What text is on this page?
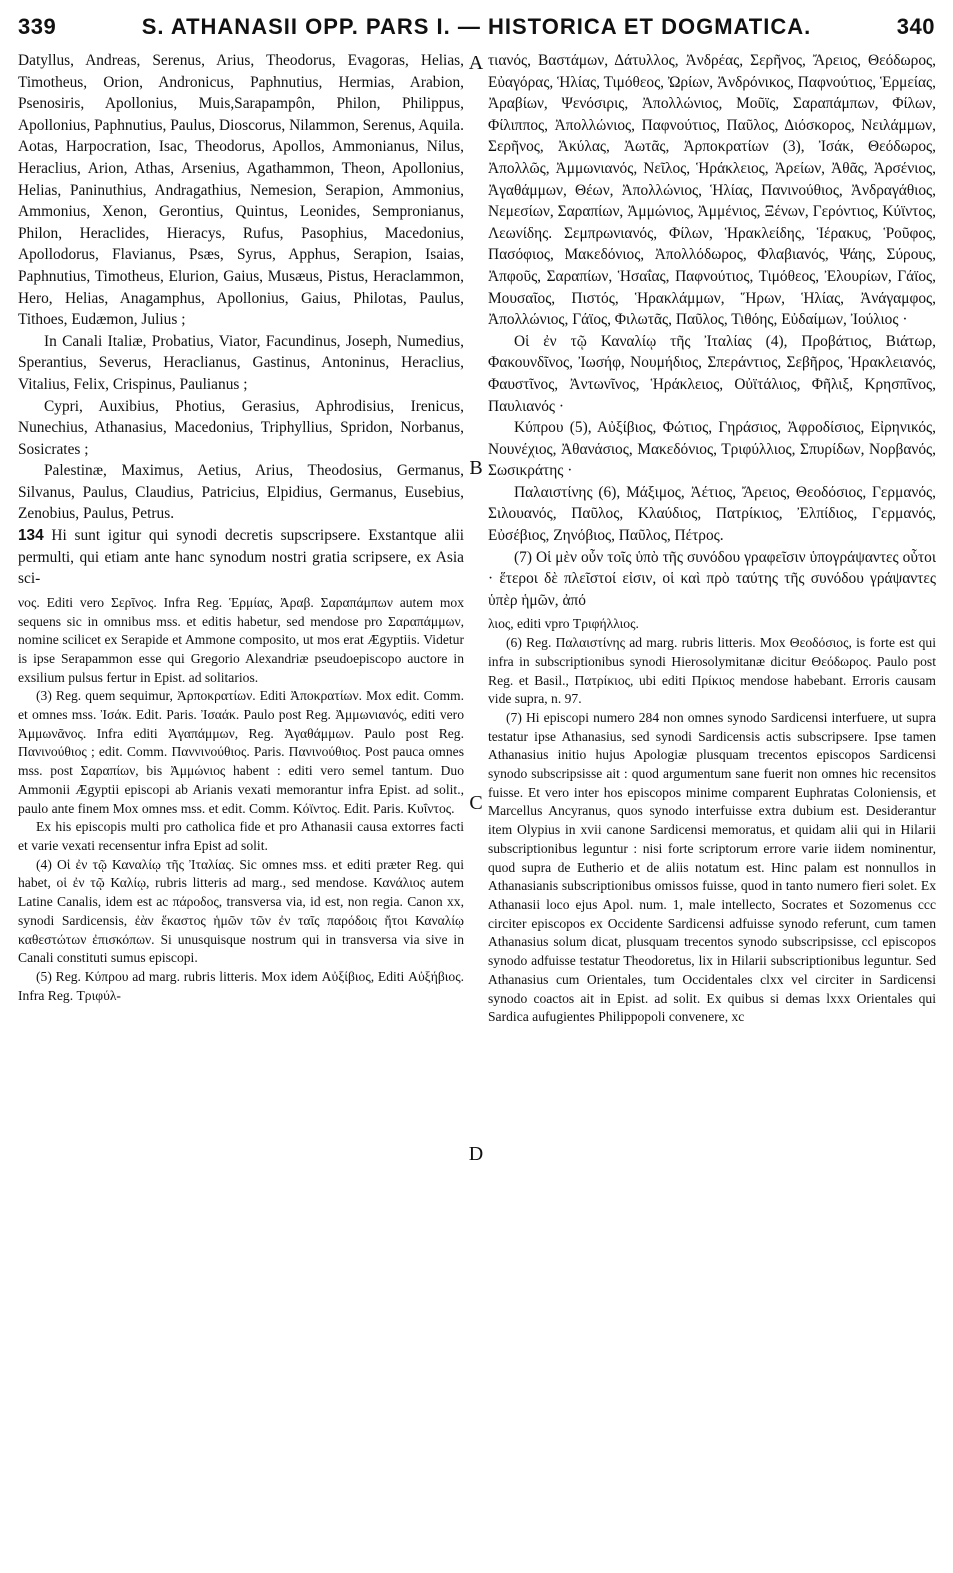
339	S. ATHANASII OPP. PARS I. — HISTORICA ET DOGMATICA.	340
A
B
C
D

Datyllus, Andreas, Serenus, Arius, Theodorus, Evagoras, Helias, Timotheus, Orion, Andronicus, Paphnutius, Hermias, Arabion, Psenosiris, Apollonius, Muis,Sarapampôn, Philon, Philippus, Apollonius, Paphnutius, Paulus, Dioscorus, Nilammon, Serenus, Aquila. Aotas, Harpocration, Isac, Theodorus, Apollos, Ammonianus, Nilus, Heraclius, Arion, Athas, Arsenius, Agathammon, Theon, Apollonius, Helias, Paninuthius, Andragathius, Nemesion, Serapion, Ammonius, Ammonius, Xenon, Gerontius, Quintus, Leonides, Sempronianus, Philon, Heraclides, Hieracys, Rufus, Pasophius, Macedonius, Apollodorus, Flavianus, Psæs, Syrus, Apphus, Serapion, Isaias, Paphnutius, Timotheus, Elurion, Gaius, Musæus, Pistus, Heraclammon, Hero, Helias, Anagamphus, Apollonius, Gaius, Philotas, Paulus, Tithoes, Eudæmon, Julius ;

In Canali Italiæ, Probatius, Viator, Facundinus, Joseph, Numedius, Sperantius, Severus, Heraclianus, Gastinus, Antoninus, Heraclius, Vitalius, Felix, Crispinus, Paulianus ;

Cypri, Auxibius, Photius, Gerasius, Aphrodisius, Irenicus, Nunechius, Athanasius, Macedonius, Triphyllius, Spridon, Norbanus, Sosicrates ;

Palestinæ, Maximus, Aetius, Arius, Theodosius, Germanus, Silvanus, Paulus, Claudius, Patricius, Elpidius, Germanus, Eusebius, Zenobius, Paulus, Petrus.

134 Hi sunt igitur qui synodi decretis supscripsere. Exstantque alii permulti, qui etiam ante hanc synodum nostri gratia scripsere, ex Asia sci-

νος. Editi vero Σερῖνος. Infra Reg. Ἑρμίας, Ἀραβ. Σαραπάμπων autem mox sequens sic in omnibus mss. et editis habetur, sed mendose pro Σαραπάμμων, nomine scilicet ex Serapide et Ammone composito, ut mos erat Ægyptiis. Videtur is ipse Serapammon esse qui Gregorio Alexandriæ pseudoepiscopo auctore in exsilium pulsus fertur in Epist. ad solitarios.

(3) Reg. quem sequimur, Ἀρποκρατίων. Editi Ἀποκρατίων. Mox edit. Comm. et omnes mss. Ἰσάκ. Edit. Paris. Ἰσαάκ. Paulo post Reg. Ἀμμωνιανός, editi vero Ἀμμωνᾶνος. Infra editi Ἀγαπάμμων, Reg. Ἀγαθάμμων. Paulo post Reg. Πανινούθιος ; edit. Comm. Παννινούθιος. Paris. Πανινούθιος. Post pauca omnes mss. post Σαραπίων, bis Ἀμμώνιος habent : editi vero semel tantum. Duo Ammonii Ægyptii episcopi ab Arianis vexati memorantur infra Epist. ad solit., paulo ante finem Mox omnes mss. et edit. Comm. Κόϊντος. Edit. Paris. Κυΐντος.

Ex his episcopis multi pro catholica fide et pro Athanasii causa extorres facti et varie vexati recensentur infra Epist ad solit.

(4) Οἱ ἐν τῷ Καναλίῳ τῆς Ἰταλίας. Sic omnes mss. et editi præter Reg. qui habet, οἱ ἐν τῷ Καλίῳ, rubris litteris ad marg., sed mendose. Κανάλιος autem Latine Canalis, idem est ac πάροδος, transversa via, id est, non regia. Canon xx, synodi Sardicensis, ἐὰν ἕκαστος ἡμῶν τῶν ἐν ταῖς παρόδοις ἤτοι Καναλίῳ καθεστώτων ἐπισκόπων. Si unusquisque nostrum qui in transversa via sive in Canali constituti sumus episcopi.

(5) Reg. Κύπρου ad marg. rubris litteris. Mox idem Αὐξίβιος, Editi Αὐξήβιος. Infra Reg. Τριφύλ-

τιανός, Βαστάμων, Δάτυλλος, Ἀνδρέας, Σερῆνος, Ἄρειος, Θεόδωρος, Εὐαγόρας, Ἡλίας, Τιμόθεος, Ὠρίων, Ἀνδρόνικος, Παφνούτιος, Ἑρμείας, Ἀραβίων, Ψενόσιρις, Ἀπολλώνιος, Μοῦϊς, Σαραπάμπων, Φίλων, Φίλιππος, Ἀπολλώνιος, Παφνούτιος, Παῦλος, Διόσκορος, Νειλάμμων, Σερῆνος, Ἀκύλας, Ἀωτᾶς, Ἀρποκρατίων (3), Ἰσάκ, Θεόδωρος, Ἀπολλῶς, Ἀμμωνιανός, Νεῖλος, Ἡράκλειος, Ἀρείων, Ἀθᾶς, Ἀρσένιος, Ἀγαθάμμων, Θέων, Ἀπολλώνιος, Ἡλίας, Πανινούθιος, Ἀνδραγάθιος, Νεμεσίων, Σαραπίων, Ἀμμώνιος, Ἀμμένιος, Ξένων, Γερόντιος, Κύϊντος, Λεωνίδης. Σεμπρωνιανός, Φίλων, Ἡρακλείδης, Ἱέρακυς, Ῥοῦφος, Πασόφιος, Μακεδόνιος, Ἀπολλόδωρος, Φλαβιανός, Ψάης, Σύρους, Ἀπφοῦς, Σαραπίων, Ἡσαΐας, Παφνούτιος, Τιμόθεος, Ἐλουρίων, Γάϊος, Μουσαῖος, Πιστός, Ἡρακλάμμων, Ἥρων, Ἡλίας, Ἀνάγαμφος, Ἀπολλώνιος, Γάϊος, Φιλωτᾶς, Παῦλος, Τιθόης, Εὐδαίμων, Ἰούλιος ·

Οἱ ἐν τῷ Καναλίῳ τῆς Ἰταλίας (4), Προβάτιος, Βιάτωρ, Φακουνδῖνος, Ἰωσήφ, Νουμήδιος, Σπεράντιος, Σεβῆρος, Ἡρακλειανός, Φαυστῖνος, Ἀντωνῖνος, Ἡράκλειος, Οὐϊτάλιος, Φῆλιξ, Κρησπῖνος, Παυλιανός ·

Κύπρου (5), Αὐξίβιος, Φώτιος, Γηράσιος, Ἀφροδίσιος, Εἰρηνικός, Νουνέχιος, Ἀθανάσιος, Μακεδόνιος, Τριφύλλιος, Σπυρίδων, Νορβανός, Σωσικράτης ·

Παλαιστίνης (6), Μάξιμος, Ἀέτιος, Ἄρειος, Θεοδόσιος, Γερμανός, Σιλουανός, Παῦλος, Κλαύδιος, Πατρίκιος, Ἐλπίδιος, Γερμανός, Εὐσέβιος, Ζηνόβιος, Παῦλος, Πέτρος.

(7) Οἱ μὲν οὖν τοῖς ὑπὸ τῆς συνόδου γραφεῖσιν ὑπογράψαντες οὗτοι · ἕτεροι δὲ πλεῖστοί εἰσιν, οἱ καὶ πρὸ ταύτης τῆς συνόδου γράψαντες ὑπὲρ ἡμῶν, ἀπό

λιος, editi vpro Τριφήλλιος.

(6) Reg. Παλαιστίνης ad marg. rubris litteris. Mox Θεοδόσιος, is forte est qui infra in subscriptionibus synodi Hierosolymitanæ dicitur Θεόδωρος. Paulo post Reg. et Basil., Πατρίκιος, ubi editi Πρίκιος mendose habebant. Erroris causam vide supra, n. 97.

(7) Hi episcopi numero 284 non omnes synodo Sardicensi interfuere, ut supra testatur ipse Athanasius, sed synodi Sardicensis actis subscripsere. Ipse tamen Athanasius initio hujus Apologiæ plusquam trecentos episcopos Sardicensi synodo subscripsisse ait : quod argumentum sane fuerit non omnes hic recensitos fuisse. Et vero inter hos episcopos minime comparent Euphratas Coloniensis, et Marcellus Ancyranus, quos synodo interfuisse extra dubium est. Desiderantur item Olypius in xvii canone Sardicensi memoratus, et quidam alii qui in Hilarii subscriptionibus leguntur : nisi forte scriptorum errore varie iidem nominentur, quod supra de Eutherio et de aliis notatum est. Hinc palam est nonnullos in Athanasianis subscriptionibus omissos fuisse, quod in tanto numero fieri solet. Ex Athanasii loco ejus Apol. num. 1, male intellecto, Socrates et Sozomenus ccc circiter episcopos ex Occidente Sardicensi adfuisse synodo referunt, cum tamen Athanasius solum dicat, plusquam trecentos synodo subscripsisse, ccl episcopos synodo adfuisse testatur Theodoretus, lix in Hilarii subscriptionibus leguntur. Sed Athanasius cum Orientales, tum Occidentales clxx vel circiter in Sardicensi synodo coactos ait in Epist. ad solit. Ex quibus si demas lxxx Orientales qui Sardica aufugientes Philippopoli convenere, xc
